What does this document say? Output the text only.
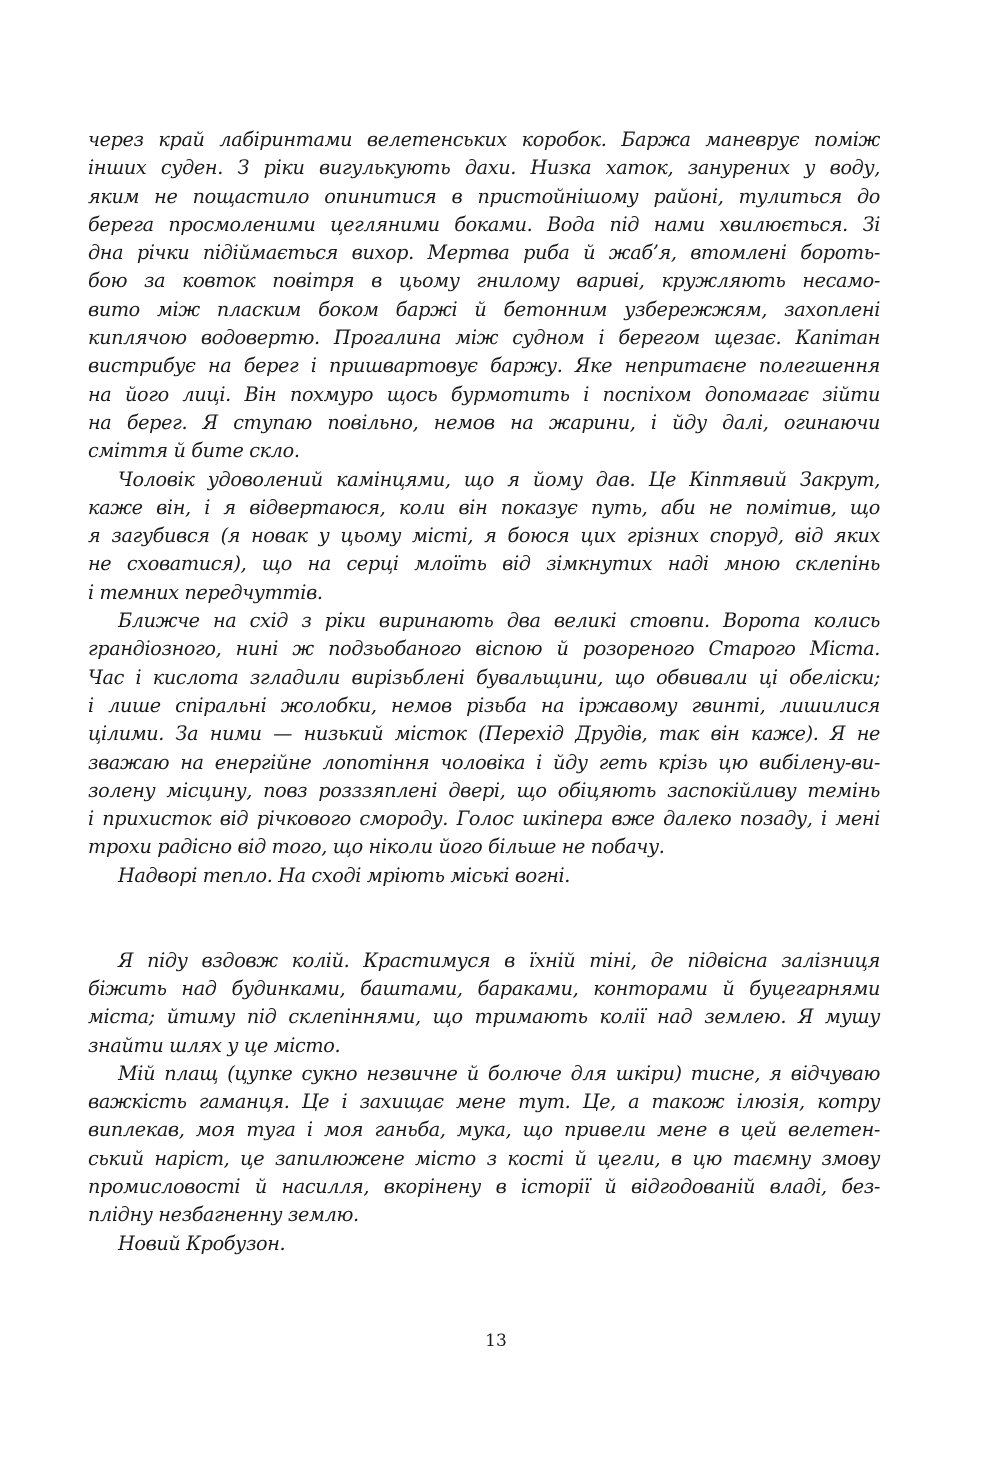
через край лабіринтами велетенських коробок. Баржа маневрує поміж
інших суден. З ріки вигулькують дахи. Низка хаток, занурених у воду,
яким не пощастило опинитися в пристойнішому районі, тулиться до
берега просмоленими цегляними боками. Вода під нами хвилюється. Зі
дна річки підіймається вихор. Мертва риба й жаб’я, втомлені бороть-
бою за ковток повітря в цьому гнилому вариві, кружляють несамо-
вито між пласким боком баржі й бетонним узбережжям, захоплені
киплячою водовертю. Прогалина між судном і берегом щезає. Капітан
вистрибує на берег і пришвартовує баржу. Яке непритаєне полегшення
на його лиці. Він похмуро щось бурмотить і поспіхом допомагає зійти
на берег. Я ступаю повільно, немов на жарини, і йду далі, огинаючи
сміття й бите скло.
Чоловік удоволений камінцями, що я йому дав. Це Кіптявий Закрут,
каже він, і я відвертаюся, коли він показує путь, аби не помітив, що
я загубився (я новак у цьому місті, я боюся цих грізних споруд, від яких
не сховатися), що на серці млоїть від зімкнутих наді мною склепінь
і темних передчуттів.
Ближче на схід з ріки виринають два великі стовпи. Ворота колись
грандіозного, нині ж подзьобаного віспою й розореного Старого Міста.
Час і кислота згладили вирізьблені бувальщини, що обвивали ці обеліски;
і лише спіральні жолобки, немов різьба на іржавому гвинті, лишилися
цілими. За ними — низький місток (Перехід Друдів, так він каже). Я не
зважаю на енергійне лопотіння чоловіка і йду геть крізь цю вибілену-ви-
золену місцину, повз розззяплені двері, що обіцяють заспокійливу темінь
і прихисток від річкового смороду. Голос шкіпера вже далеко позаду, і мені
трохи радісно від того, що ніколи його більше не побачу.
Надворі тепло. На сході мріють міські вогні.
Я піду вздовж колій. Крастимуся в їхній тіні, де підвісна залізниця
біжить над будинками, баштами, бараками, конторами й буцегарнями
міста; йтиму під склепіннями, що тримають колії над землею. Я мушу
знайти шлях у це місто.
Мій плащ (цупке сукно незвичне й болюче для шкіри) тисне, я відчуваю
важкість гаманця. Це і захищає мене тут. Це, а також ілюзія, котру
виплекав, моя туга і моя ганьба, мука, що привели мене в цей велетен-
ський наріст, це запилюжене місто з кості й цегли, в цю таємну змову
промисловості й насилля, вкорінену в історії й відгодованій владі, без-
плідну незбагненну землю.
Новий Кробузон.
13
